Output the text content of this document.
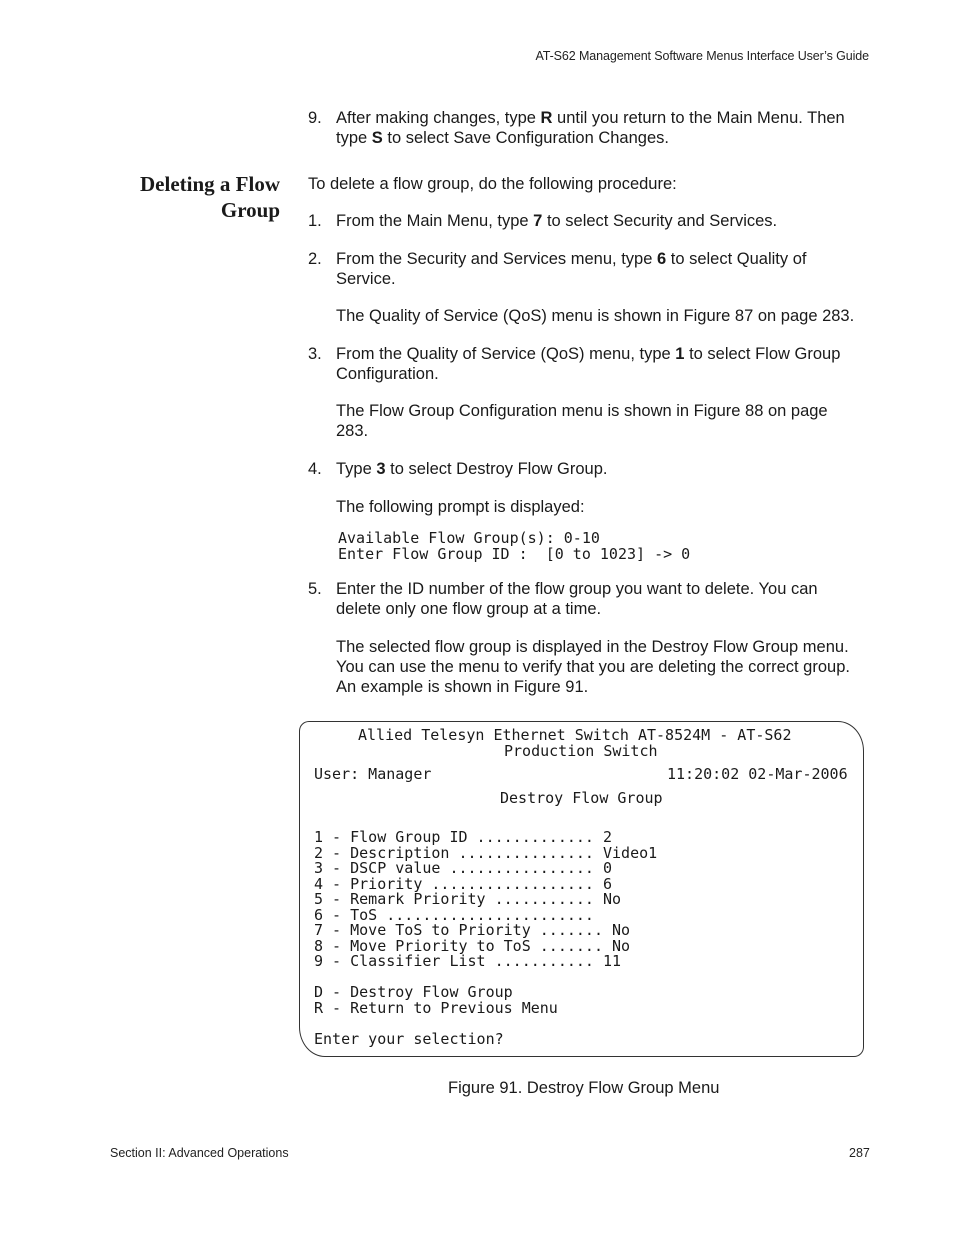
AT-S62 Management Software Menus Interface User’s Guide
9. After making changes, type R until you return to the Main Menu. Then
type S to select Save Configuration Changes.
Deleting a Flow
Group
To delete a flow group, do the following procedure:
1. From the Main Menu, type 7 to select Security and Services.
2. From the Security and Services menu, type 6 to select Quality of
Service.
The Quality of Service (QoS) menu is shown in Figure 87 on page 283.
3. From the Quality of Service (QoS) menu, type 1 to select Flow Group
Configuration.
The Flow Group Configuration menu is shown in Figure 88 on page
283.
4. Type 3 to select Destroy Flow Group.
The following prompt is displayed:
Available Flow Group(s): 0-10
Enter Flow Group ID :  [0 to 1023] -> 0
5. Enter the ID number of the flow group you want to delete. You can
delete only one flow group at a time.
The selected flow group is displayed in the Destroy Flow Group menu.
You can use the menu to verify that you are deleting the correct group.
An example is shown in Figure 91.
Allied Telesyn Ethernet Switch AT-8524M - AT-S62
Production Switch
User: Manager	11:20:02 02-Mar-2006
Destroy Flow Group
1 - Flow Group ID ............. 2
2 - Description ............... Video1
3 - DSCP value ................ 0
4 - Priority .................. 6
5 - Remark Priority ........... No
6 - ToS .......................
7 - Move ToS to Priority ....... No
8 - Move Priority to ToS ....... No
9 - Classifier List ........... 11
D - Destroy Flow Group
R - Return to Previous Menu
Enter your selection?
Figure 91. Destroy Flow Group Menu
Section II: Advanced Operations	287
